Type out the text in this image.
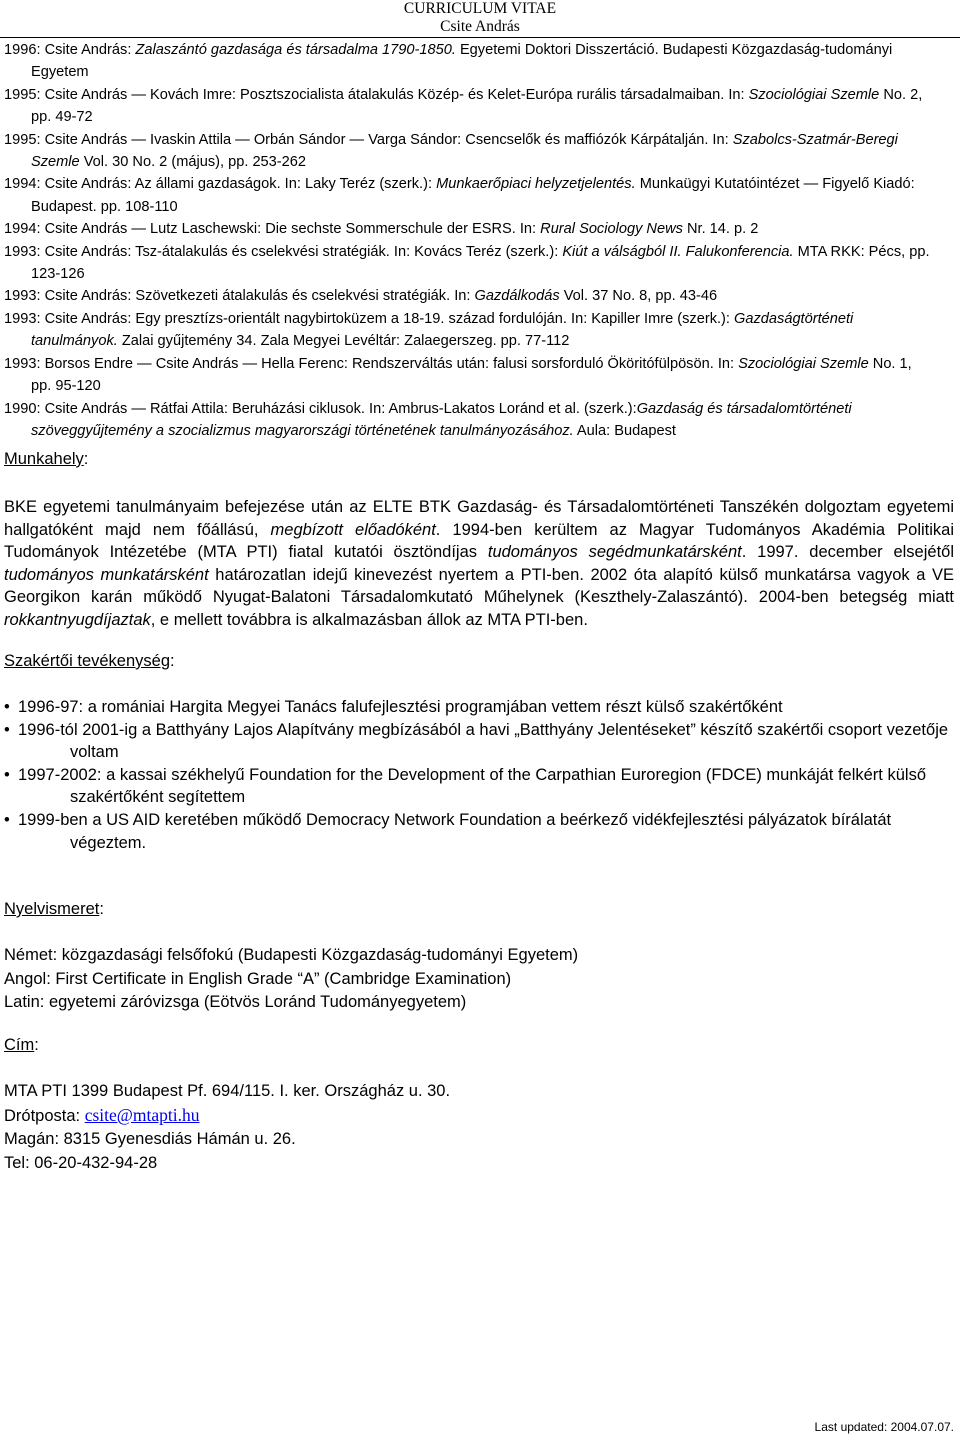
CURRICULUM VITAE
Csite András
1996: Csite András: Zalaszántó gazdasága és társadalma 1790-1850. Egyetemi Doktori Disszertáció. Budapesti Közgazdaság-tudományi Egyetem
1995: Csite András — Kovách Imre: Posztszocialista átalakulás Közép- és Kelet-Európa rurális társadalmaiban. In: Szociológiai Szemle No. 2, pp. 49-72
1995: Csite András — Ivaskin Attila — Orbán Sándor — Varga Sándor: Csencselők és maffiózók Kárpátalján. In: Szabolcs-Szatmár-Beregi Szemle Vol. 30 No. 2 (május), pp. 253-262
1994: Csite András: Az állami gazdaságok. In: Laky Teréz (szerk.): Munkaerőpiaci helyzetjelentés. Munkaügyi Kutatóintézet — Figyelő Kiadó: Budapest. pp. 108-110
1994: Csite András — Lutz Laschewski: Die sechste Sommerschule der ESRS. In: Rural Sociology News Nr. 14. p. 2
1993: Csite András: Tsz-átalakulás és cselekvési stratégiák. In: Kovács Teréz (szerk.): Kiút a válságból II. Falukonferencia. MTA RKK: Pécs, pp. 123-126
1993: Csite András: Szövetkezeti átalakulás és cselekvési stratégiák. In: Gazdálkodás Vol. 37 No. 8, pp. 43-46
1993: Csite András: Egy presztízs-orientált nagybirtoküzem a 18-19. század fordulóján. In: Kapiller Imre (szerk.): Gazdaságtörténeti tanulmányok. Zalai gyűjtemény 34. Zala Megyei Levéltár: Zalaegerszeg. pp. 77-112
1993: Borsos Endre — Csite András — Hella Ferenc: Rendszerváltás után: falusi sorsforduló Ököritófülpösön. In: Szociológiai Szemle No. 1, pp. 95-120
1990: Csite András — Rátfai Attila: Beruházási ciklusok. In: Ambrus-Lakatos Loránd et al. (szerk.):Gazdaság és társadalomtörténeti szöveggyűjtemény a szocializmus magyarországi történetének tanulmányozásához. Aula: Budapest
Munkahely:
BKE egyetemi tanulmányaim befejezése után az ELTE BTK Gazdaság- és Társadalomtörténeti Tanszékén dolgoztam egyetemi hallgatóként majd nem főállású, megbízott előadóként. 1994-ben kerültem az Magyar Tudományos Akadémia Politikai Tudományok Intézetébe (MTA PTI) fiatal kutatói ösztöndíjas tudományos segédmunkatársként. 1997. december elsejétől tudományos munkatársként határozatlan idejű kinevezést nyertem a PTI-ben. 2002 óta alapító külső munkatársa vagyok a VE Georgikon karán működő Nyugat-Balatoni Társadalomkutató Műhelynek (Keszthely-Zalaszántó). 2004-ben betegség miatt rokkantnyugdíjaztak, e mellett továbbra is alkalmazásban állok az MTA PTI-ben.
Szakértői tevékenység:
• 1996-97: a romániai Hargita Megyei Tanács falufejlesztési programjában vettem részt külső szakértőként
• 1996-tól 2001-ig a Batthyány Lajos Alapítvány megbízásából a havi „Batthyány Jelentéseket” készítő szakértői csoport vezetője voltam
• 1997-2002: a kassai székhelyű Foundation for the Development of the Carpathian Euroregion (FDCE) munkáját felkért külső szakértőként segítettem
• 1999-ben a US AID keretében működő Democracy Network Foundation a beérkező vidékfejlesztési pályázatok bírálatát végeztem.
Nyelvismeret:
Német: közgazdasági felsőfokú (Budapesti Közgazdaság-tudományi Egyetem)
Angol: First Certificate in English Grade “A” (Cambridge Examination)
Latin: egyetemi záróvizsga (Eötvös Loránd Tudományegyetem)
Cím:
MTA PTI 1399 Budapest Pf. 694/115. I. ker. Országház u. 30.
Drótposta: csite@mtapti.hu
Magán: 8315 Gyenesdiás Hámán u. 26.
Tel: 06-20-432-94-28
Last updated: 2004.07.07.
